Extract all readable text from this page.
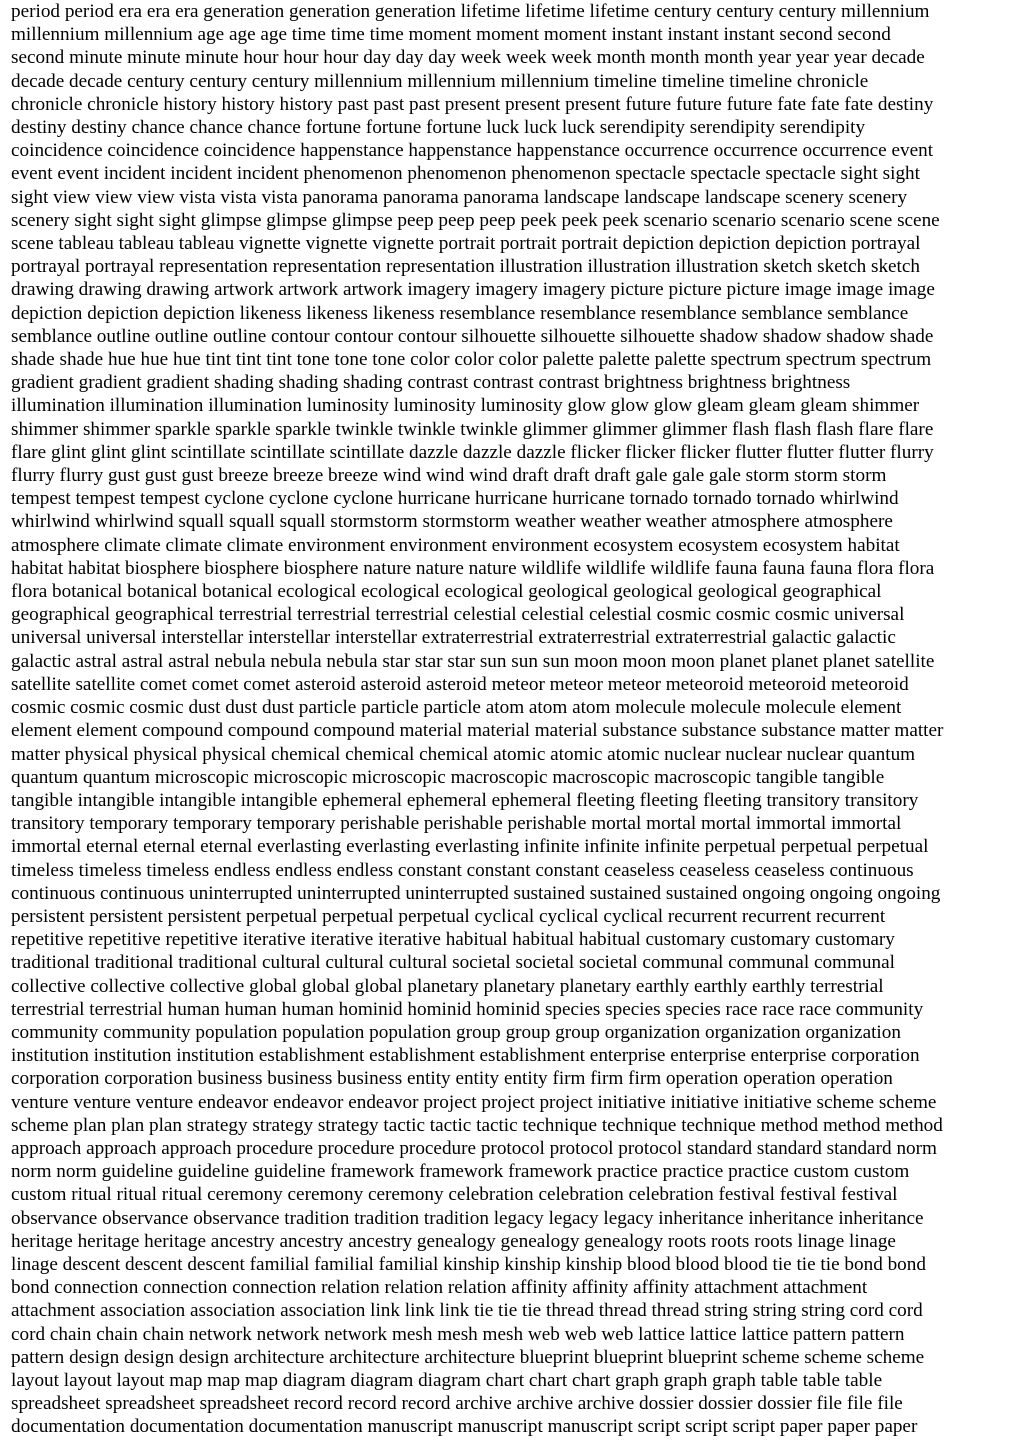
period period era era era generation generation generation lifetime lifetime lifetime century century century millennium
millennium millennium age age age time time time moment moment moment instant instant instant second second
second minute minute minute hour hour hour day day day week week week month month month year year year decade
decade decade century century century millennium millennium millennium timeline timeline timeline chronicle
chronicle chronicle history history history past past past present present present future future future fate fate fate destiny
destiny destiny chance chance chance fortune fortune fortune luck luck luck serendipity serendipity serendipity
coincidence coincidence coincidence happenstance happenstance happenstance occurrence occurrence occurrence event
event event incident incident incident phenomenon phenomenon phenomenon spectacle spectacle spectacle sight sight
sight view view view vista vista vista panorama panorama panorama landscape landscape landscape scenery scenery
scenery sight sight sight glimpse glimpse glimpse peep peep peep peek peek peek scenario scenario scenario scene scene
scene tableau tableau tableau vignette vignette vignette portrait portrait portrait depiction depiction depiction portrayal
portrayal portrayal representation representation representation illustration illustration illustration sketch sketch sketch
drawing drawing drawing artwork artwork artwork imagery imagery imagery picture picture picture image image image
depiction depiction depiction likeness likeness likeness resemblance resemblance resemblance semblance semblance
semblance outline outline outline contour contour contour silhouette silhouette silhouette shadow shadow shadow shade
shade shade hue hue hue tint tint tint tone tone tone color color color palette palette palette spectrum spectrum spectrum
gradient gradient gradient shading shading shading contrast contrast contrast brightness brightness brightness
illumination illumination illumination luminosity luminosity luminosity glow glow glow gleam gleam gleam shimmer
shimmer shimmer sparkle sparkle sparkle twinkle twinkle twinkle glimmer glimmer glimmer flash flash flash flare flare
flare glint glint glint scintillate scintillate scintillate dazzle dazzle dazzle flicker flicker flicker flutter flutter flutter flurry
flurry flurry gust gust gust breeze breeze breeze wind wind wind draft draft draft gale gale gale storm storm storm
tempest tempest tempest cyclone cyclone cyclone hurricane hurricane hurricane tornado tornado tornado whirlwind
whirlwind whirlwind squall squall squall stormstorm stormstorm weather weather weather atmosphere atmosphere
atmosphere climate climate climate environment environment environment ecosystem ecosystem ecosystem habitat
habitat habitat biosphere biosphere biosphere nature nature nature wildlife wildlife wildlife fauna fauna fauna flora flora
flora botanical botanical botanical ecological ecological ecological geological geological geological geographical
geographical geographical terrestrial terrestrial terrestrial celestial celestial celestial cosmic cosmic cosmic universal
universal universal interstellar interstellar interstellar extraterrestrial extraterrestrial extraterrestrial galactic galactic
galactic astral astral astral nebula nebula nebula star star star sun sun sun moon moon moon planet planet planet satellite
satellite satellite comet comet comet asteroid asteroid asteroid meteor meteor meteor meteoroid meteoroid meteoroid
cosmic cosmic cosmic dust dust dust particle particle particle atom atom atom molecule molecule molecule element
element element compound compound compound material material material substance substance substance matter matter
matter physical physical physical chemical chemical chemical atomic atomic atomic nuclear nuclear nuclear quantum
quantum quantum microscopic microscopic microscopic macroscopic macroscopic macroscopic tangible tangible
tangible intangible intangible intangible ephemeral ephemeral ephemeral fleeting fleeting fleeting transitory transitory
transitory temporary temporary temporary perishable perishable perishable mortal mortal mortal immortal immortal
immortal eternal eternal eternal everlasting everlasting everlasting infinite infinite infinite perpetual perpetual perpetual
timeless timeless timeless endless endless endless constant constant constant ceaseless ceaseless ceaseless continuous
continuous continuous uninterrupted uninterrupted uninterrupted sustained sustained sustained ongoing ongoing ongoing
persistent persistent persistent perpetual perpetual perpetual cyclical cyclical cyclical recurrent recurrent recurrent
repetitive repetitive repetitive iterative iterative iterative habitual habitual habitual customary customary customary
traditional traditional traditional cultural cultural cultural societal societal societal communal communal communal
collective collective collective global global global planetary planetary planetary earthly earthly earthly terrestrial
terrestrial terrestrial human human human hominid hominid hominid species species species race race race community
community community population population population group group group organization organization organization
institution institution institution establishment establishment establishment enterprise enterprise enterprise corporation
corporation corporation business business business entity entity entity firm firm firm operation operation operation
venture venture venture endeavor endeavor endeavor project project project initiative initiative initiative scheme scheme
scheme plan plan plan strategy strategy strategy tactic tactic tactic technique technique technique method method method
approach approach approach procedure procedure procedure protocol protocol protocol standard standard standard norm
norm norm guideline guideline guideline framework framework framework practice practice practice custom custom
custom ritual ritual ritual ceremony ceremony ceremony celebration celebration celebration festival festival festival
observance observance observance tradition tradition tradition legacy legacy legacy inheritance inheritance inheritance
heritage heritage heritage ancestry ancestry ancestry genealogy genealogy genealogy roots roots roots linage linage
linage descent descent descent familial familial familial kinship kinship kinship blood blood blood tie tie tie bond bond
bond connection connection connection relation relation relation affinity affinity affinity attachment attachment
attachment association association association link link link tie tie tie thread thread thread string string string cord cord
cord chain chain chain network network network mesh mesh mesh web web web lattice lattice lattice pattern pattern
pattern design design design architecture architecture architecture blueprint blueprint blueprint scheme scheme scheme
layout layout layout map map map diagram diagram diagram chart chart chart graph graph graph table table table
spreadsheet spreadsheet spreadsheet record record record archive archive archive dossier dossier dossier file file file
documentation documentation documentation manuscript manuscript manuscript script script script paper paper paper
